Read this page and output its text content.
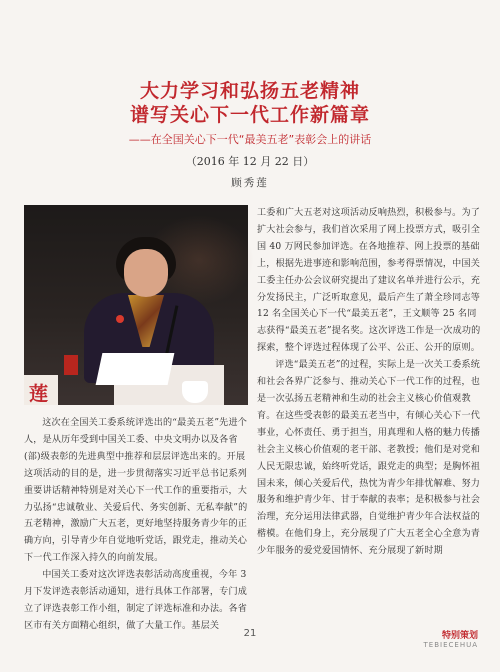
大力学习和弘扬五老精神
谱写关心下一代工作新篇章
——在全国关心下一代“最美五老”表彰会上的讲话
（2016 年 12 月 22 日）
顾秀莲
莲

这次在全国关工委系统评选出的“最美五老”先进个人，是从历年受到中国关工委、中央文明办以及各省(部)级表彰的先进典型中推荐和层层评选出来的。开展这项活动的目的是，进一步贯彻落实习近平总书记系列重要讲话精神特别是对关心下一代工作的重要指示，大力弘扬“忠诚敬业、关爱后代、务实创新、无私奉献”的五老精神，激励广大五老，更好地坚持服务青少年的正确方向，引导青少年自觉地听党话，跟党走，推动关心下一代工作深入持久的向前发展。

中国关工委对这次评选表彰活动高度重视，今年 3 月下发评选表彰活动通知，进行具体工作部署，专门成立了评选表彰工作小组，制定了评选标准和办法。各省区市有关方面精心组织，做了大量工作。基层关

工委和广大五老对这项活动反响热烈，积极参与。为了扩大社会参与，我们首次采用了网上投票方式，吸引全国 40 万网民参加评选。在各地推荐、网上投票的基础上，根据先进事迹和影响范围，参考得票情况，中国关工委主任办公会议研究提出了建议名单并进行公示，充分发扬民主，广泛听取意见，最后产生了萧全珍同志等 12 名全国关心下一代“最美五老”，王文顺等 25 名同志获得“最美五老”提名奖。这次评选工作是一次成功的探索，整个评选过程体现了公平、公正、公开的原则。

评选“最美五老”的过程，实际上是一次关工委系统和社会各界广泛参与、推动关心下一代工作的过程，也是一次弘扬五老精神和生动的社会主义核心价值观教育。在这些受表彰的最美五老当中，有倾心关心下一代事业，心怀责任、勇于担当，用真理和人格的魅力传播社会主义核心价值观的老干部、老教授；他们是对党和人民无限忠诚，始终听党话，跟党走的典型；是胸怀祖国未来，倾心关爱后代，热忱为青少年排忧解难、努力服务和维护青少年、甘于奉献的表率；是积极参与社会治理，充分运用法律武器，自觉维护青少年合法权益的楷模。在他们身上，充分展现了广大五老全心全意为青少年服务的爱党爱国情怀、充分展现了新时期

21	特别策划
TEBIECEHUA
